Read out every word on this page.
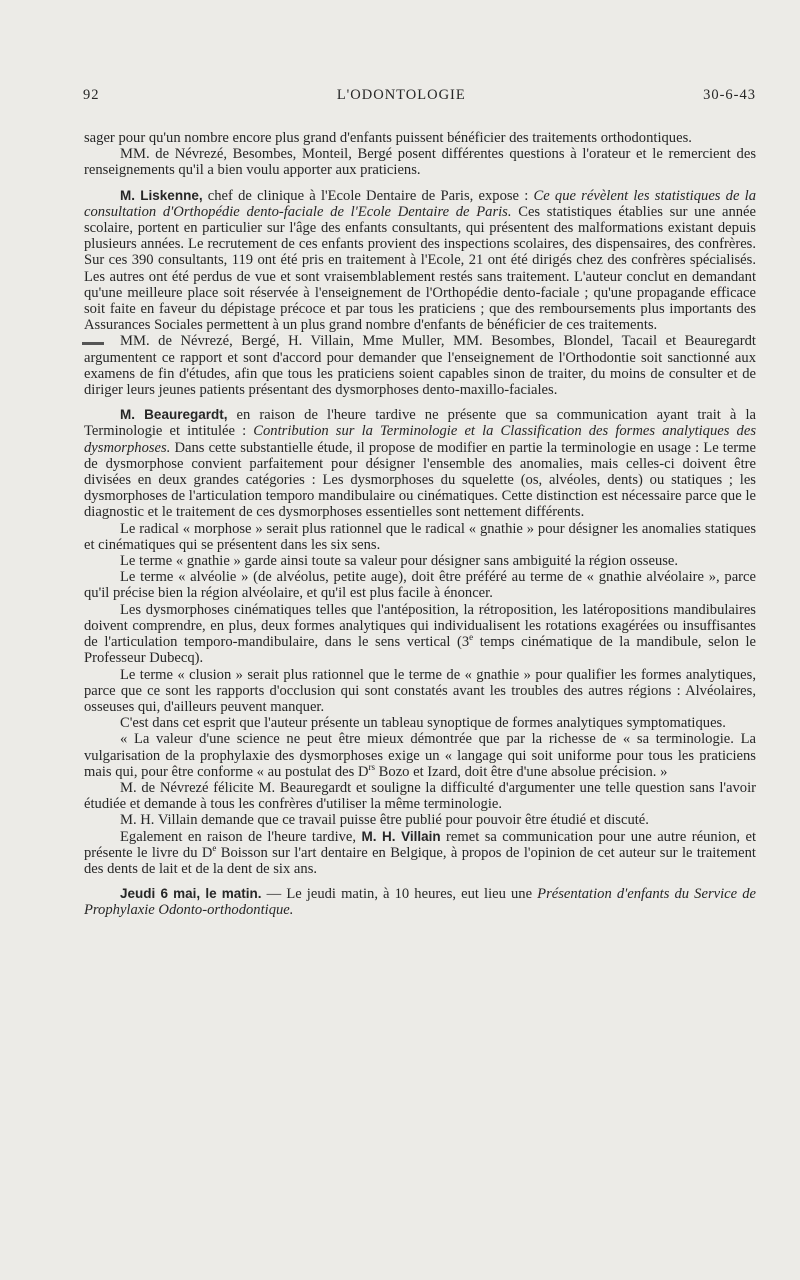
92	L'ODONTOLOGIE	30-6-43

sager pour qu'un nombre encore plus grand d'enfants puissent bénéficier des traitements orthodontiques.

MM. de Névrezé, Besombes, Monteil, Bergé posent différentes questions à l'orateur et le remercient des renseignements qu'il a bien voulu apporter aux praticiens.

M. Liskenne, chef de clinique à l'Ecole Dentaire de Paris, expose : Ce que révèlent les statistiques de la consultation d'Orthopédie dento-faciale de l'Ecole Dentaire de Paris. Ces statistiques établies sur une année scolaire, portent en particulier sur l'âge des enfants consultants, qui présentent des malformations existant depuis plusieurs années. Le recrutement de ces enfants provient des inspections scolaires, des dispensaires, des confrères. Sur ces 390 consultants, 119 ont été pris en traitement à l'Ecole, 21 ont été dirigés chez des confrères spécialisés. Les autres ont été perdus de vue et sont vraisemblablement restés sans traitement. L'auteur conclut en demandant qu'une meilleure place soit réservée à l'enseignement de l'Orthopédie dento-faciale ; qu'une propagande efficace soit faite en faveur du dépistage précoce et par tous les praticiens ; que des remboursements plus importants des Assurances Sociales permettent à un plus grand nombre d'enfants de bénéficier de ces traitements.

MM. de Névrezé, Bergé, H. Villain, Mme Muller, MM. Besombes, Blondel, Tacail et Beauregardt argumentent ce rapport et sont d'accord pour demander que l'enseignement de l'Orthodontie soit sanctionné aux examens de fin d'études, afin que tous les praticiens soient capables sinon de traiter, du moins de consulter et de diriger leurs jeunes patients présentant des dysmorphoses dento-maxillo-faciales.

M. Beauregardt, en raison de l'heure tardive ne présente que sa communication ayant trait à la Terminologie et intitulée : Contribution sur la Terminologie et la Classification des formes analytiques des dysmorphoses. Dans cette substantielle étude, il propose de modifier en partie la terminologie en usage : Le terme de dysmorphose convient parfaitement pour désigner l'ensemble des anomalies, mais celles-ci doivent être divisées en deux grandes catégories : Les dysmorphoses du squelette (os, alvéoles, dents) ou statiques ; les dysmorphoses de l'articulation temporo mandibulaire ou cinématiques. Cette distinction est nécessaire parce que le diagnostic et le traitement de ces dysmorphoses essentielles sont nettement différents.

Le radical « morphose » serait plus rationnel que le radical « gnathie » pour désigner les anomalies statiques et cinématiques qui se présentent dans les six sens.

Le terme « gnathie » garde ainsi toute sa valeur pour désigner sans ambiguité la région osseuse.

Le terme « alvéolie » (de alvéolus, petite auge), doit être préféré au terme de « gnathie alvéolaire », parce qu'il précise bien la région alvéolaire, et qu'il est plus facile à énoncer.

Les dysmorphoses cinématiques telles que l'antéposition, la rétroposition, les latéropositions mandibulaires doivent comprendre, en plus, deux formes analytiques qui individualisent les rotations exagérées ou insuffisantes de l'articulation temporo-mandibulaire, dans le sens vertical (3e temps cinématique de la mandibule, selon le Professeur Dubecq).

Le terme « clusion » serait plus rationnel que le terme de « gnathie » pour qualifier les formes analytiques, parce que ce sont les rapports d'occlusion qui sont constatés avant les troubles des autres régions : Alvéolaires, osseuses qui, d'ailleurs peuvent manquer.

C'est dans cet esprit que l'auteur présente un tableau synoptique de formes analytiques symptomatiques.

« La valeur d'une science ne peut être mieux démontrée que par la richesse de « sa terminologie. La vulgarisation de la prophylaxie des dysmorphoses exige un « langage qui soit uniforme pour tous les praticiens mais qui, pour être conforme « au postulat des $D^{rs}$ Bozo et Izard, doit être d'une absolue précision. »

M. de Névrezé félicite M. Beauregardt et souligne la difficulté d'argumenter une telle question sans l'avoir étudiée et demande à tous les confrères d'utiliser la même terminologie.

M. H. Villain demande que ce travail puisse être publié pour pouvoir être étudié et discuté.

Egalement en raison de l'heure tardive, M. H. Villain remet sa communication pour une autre réunion, et présente le livre du De Boisson sur l'art dentaire en Belgique, à propos de l'opinion de cet auteur sur le traitement des dents de lait et de la dent de six ans.

Jeudi 6 mai, le matin. — Le jeudi matin, à 10 heures, eut lieu une Présentation d'enfants du Service de Prophylaxie Odonto-orthodontique.
